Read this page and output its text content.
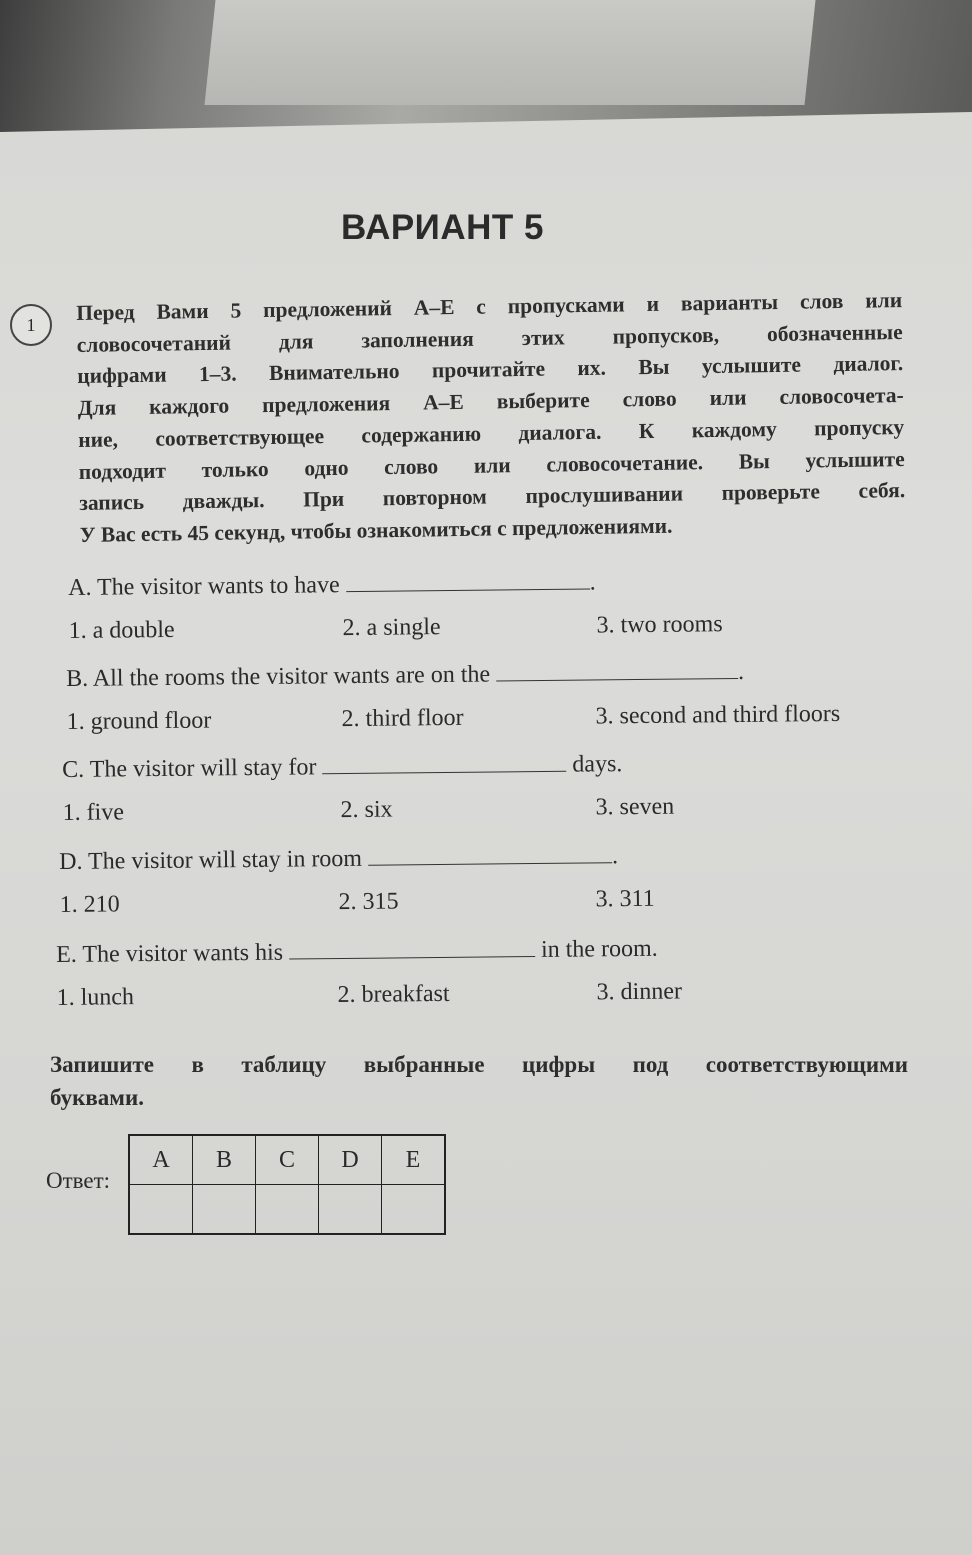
ВАРИАНТ 5
1
Перед Вами 5 предложений А–Е с пропусками и варианты слов или
словосочетаний для заполнения этих пропусков, обозначенные
цифрами 1–3. Внимательно прочитайте их. Вы услышите диалог.
Для каждого предложения А–Е выберите слово или словосочета-
ние, соответствующее содержанию диалога. К каждому пропуску
подходит только одно слово или словосочетание. Вы услышите
запись дважды. При повторном прослушивании проверьте себя.
У Вас есть 45 секунд, чтобы ознакомиться с предложениями.
A. The visitor wants to have	.
1. a double	2. a single	3. two rooms
B. All the rooms the visitor wants are on the	.
1. ground floor	2. third floor	3. second and third floors
C. The visitor will stay for	days.
1. five	2. six	3. seven
D. The visitor will stay in room	.
1. 210	2. 315	3. 311
E. The visitor wants his	in the room.
1. lunch	2. breakfast	3. dinner
Запишите в таблицу выбранные цифры под соответствующими
буквами.
Ответ:
A	B	C	D	E
